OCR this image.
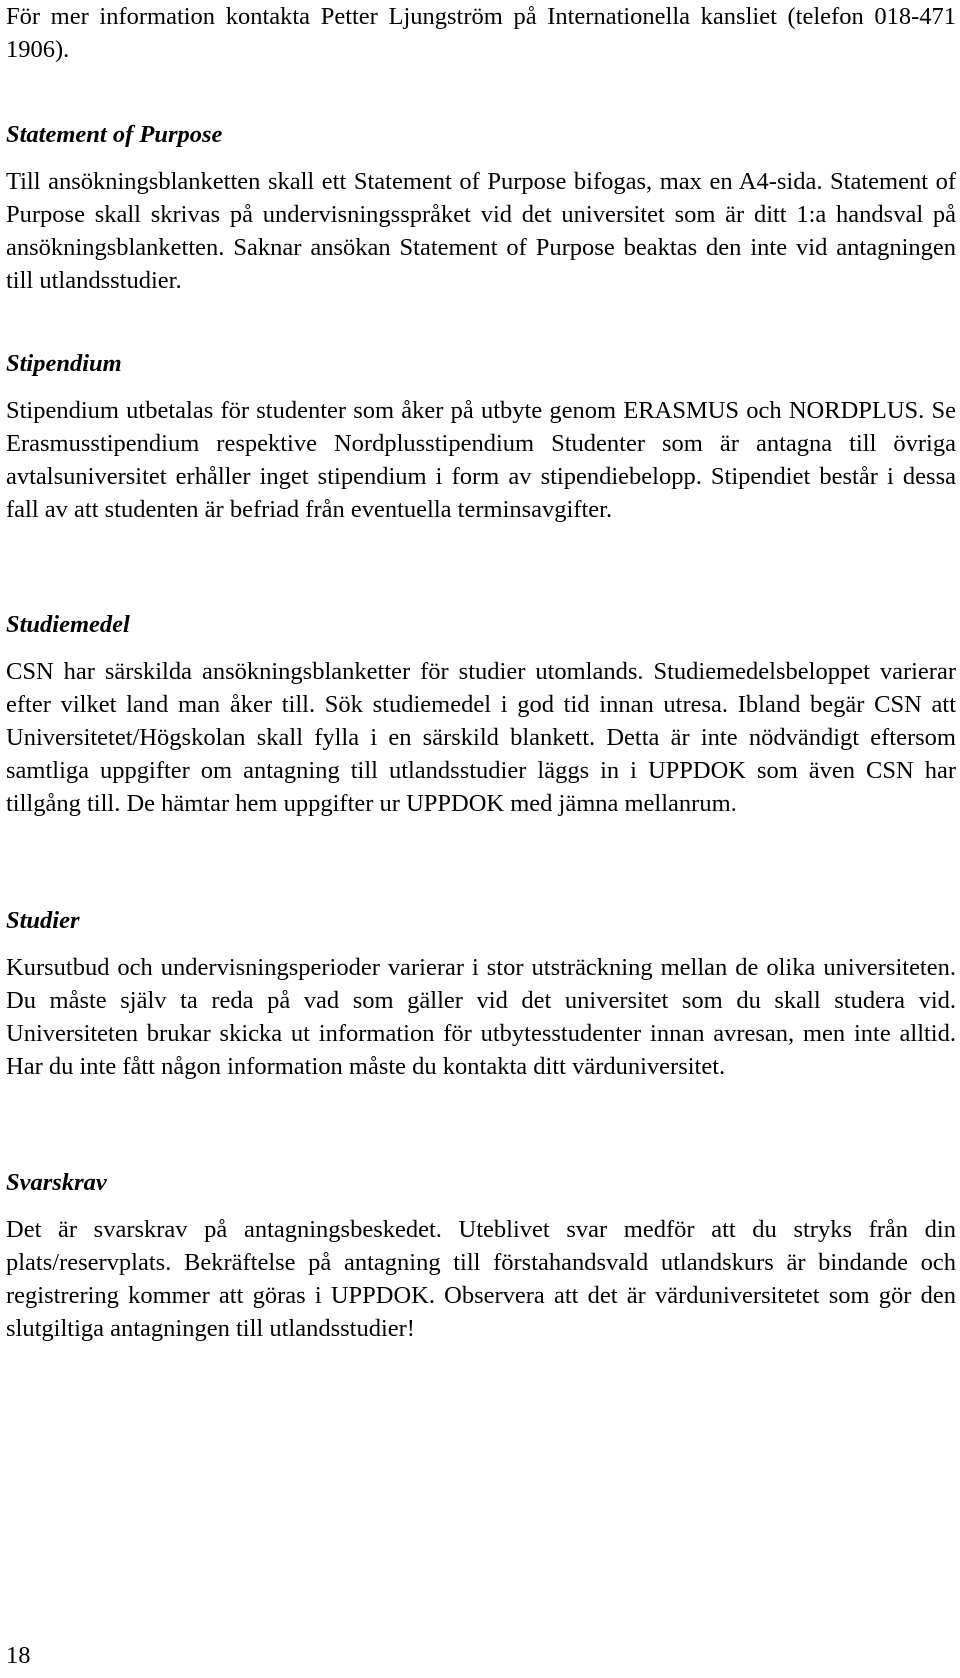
För mer information kontakta Petter Ljungström på Internationella kansliet (telefon 018-471 1906).

Statement of Purpose

Till ansökningsblanketten skall ett Statement of Purpose bifogas, max en A4-sida. Statement of Purpose skall skrivas på undervisningsspråket vid det universitet som är ditt 1:a handsval på ansökningsblanketten. Saknar ansökan Statement of Purpose beaktas den inte vid antagningen till utlandsstudier.

Stipendium

Stipendium utbetalas för studenter som åker på utbyte genom ERASMUS och NORDPLUS. Se Erasmusstipendium respektive Nordplusstipendium Studenter som är antagna till övriga avtalsuniversitet erhåller inget stipendium i form av stipendiebelopp. Stipendiet består i dessa fall av att studenten är befriad från eventuella terminsavgifter.

Studiemedel

CSN har särskilda ansökningsblanketter för studier utomlands. Studiemedelsbeloppet varierar efter vilket land man åker till. Sök studiemedel i god tid innan utresa. Ibland begär CSN att Universitetet/Högskolan skall fylla i en särskild blankett. Detta är inte nödvändigt eftersom samtliga uppgifter om antagning till utlandsstudier läggs in i UPPDOK som även CSN har tillgång till. De hämtar hem uppgifter ur UPPDOK med jämna mellanrum.

Studier

Kursutbud och undervisningsperioder varierar i stor utsträckning mellan de olika universiteten. Du måste själv ta reda på vad som gäller vid det universitet som du skall studera vid. Universiteten brukar skicka ut information för utbytesstudenter innan avresan, men inte alltid. Har du inte fått någon information måste du kontakta ditt värduniversitet.

Svarskrav

Det är svarskrav på antagningsbeskedet. Uteblivet svar medför att du stryks från din plats/reservplats. Bekräftelse på antagning till förstahandsvald utlandskurs är bindande och registrering kommer att göras i UPPDOK. Observera att det är värduniversitetet som gör den slutgiltiga antagningen till utlandsstudier!

18
